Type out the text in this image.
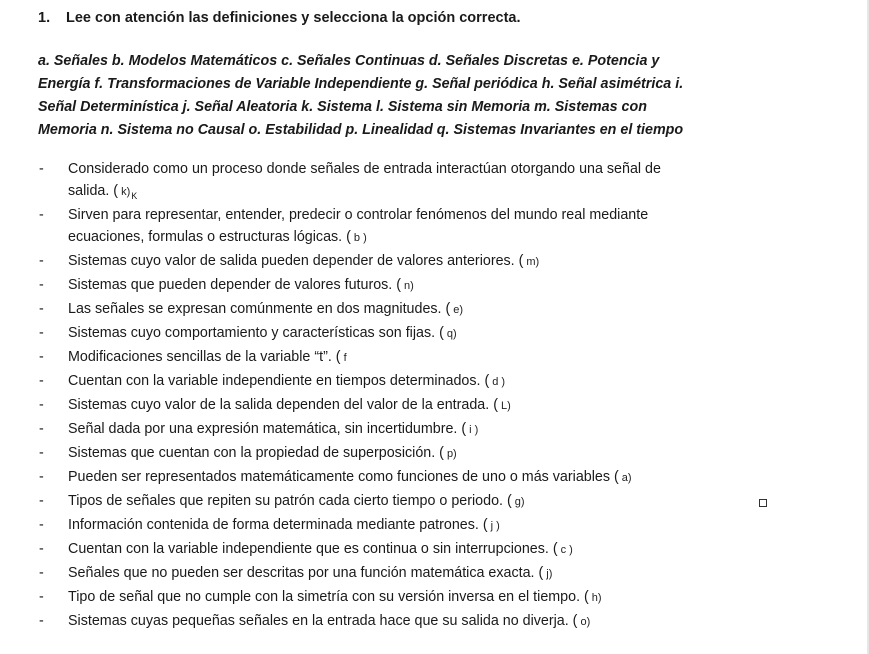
1. Lee con atención las definiciones y selecciona la opción correcta.
a. Señales b. Modelos Matemáticos c. Señales Continuas d. Señales Discretas e. Potencia y
Energía f. Transformaciones de Variable Independiente g. Señal periódica h. Señal asimétrica i.
Señal Determinística j. Señal Aleatoria k. Sistema l. Sistema sin Memoria m. Sistemas con
Memoria n. Sistema no Causal o. Estabilidad p. Linealidad q. Sistemas Invariantes en el tiempo
- Considerado como un proceso donde señales de entrada interactúan otorgando una señal de
salida. ( $k)_K$
- Sirven para representar, entender, predecir o controlar fenómenos del mundo real mediante
ecuaciones, formulas o estructuras lógicas. ( b )
- Sistemas cuyo valor de salida pueden depender de valores anteriores. ( m)
- Sistemas que pueden depender de valores futuros. ( n)
- Las señales se expresan comúnmente en dos magnitudes. ( e)
- Sistemas cuyo comportamiento y características son fijas. ( q)
- Modificaciones sencillas de la variable “t”. ( f
- Cuentan con la variable independiente en tiempos determinados. ( d )
- Sistemas cuyo valor de la salida dependen del valor de la entrada. ( L)
- Señal dada por una expresión matemática, sin incertidumbre. ( i )
- Sistemas que cuentan con la propiedad de superposición. ( p)
- Pueden ser representados matemáticamente como funciones de uno o más variables ( a)
- Tipos de señales que repiten su patrón cada cierto tiempo o periodo. ( g)
- Información contenida de forma determinada mediante patrones. ( j )
- Cuentan con la variable independiente que es continua o sin interrupciones. ( c )
- Señales que no pueden ser descritas por una función matemática exacta. ( j)
- Tipo de señal que no cumple con la simetría con su versión inversa en el tiempo. ( h)
- Sistemas cuyas pequeñas señales en la entrada hace que su salida no diverja. ( o)
